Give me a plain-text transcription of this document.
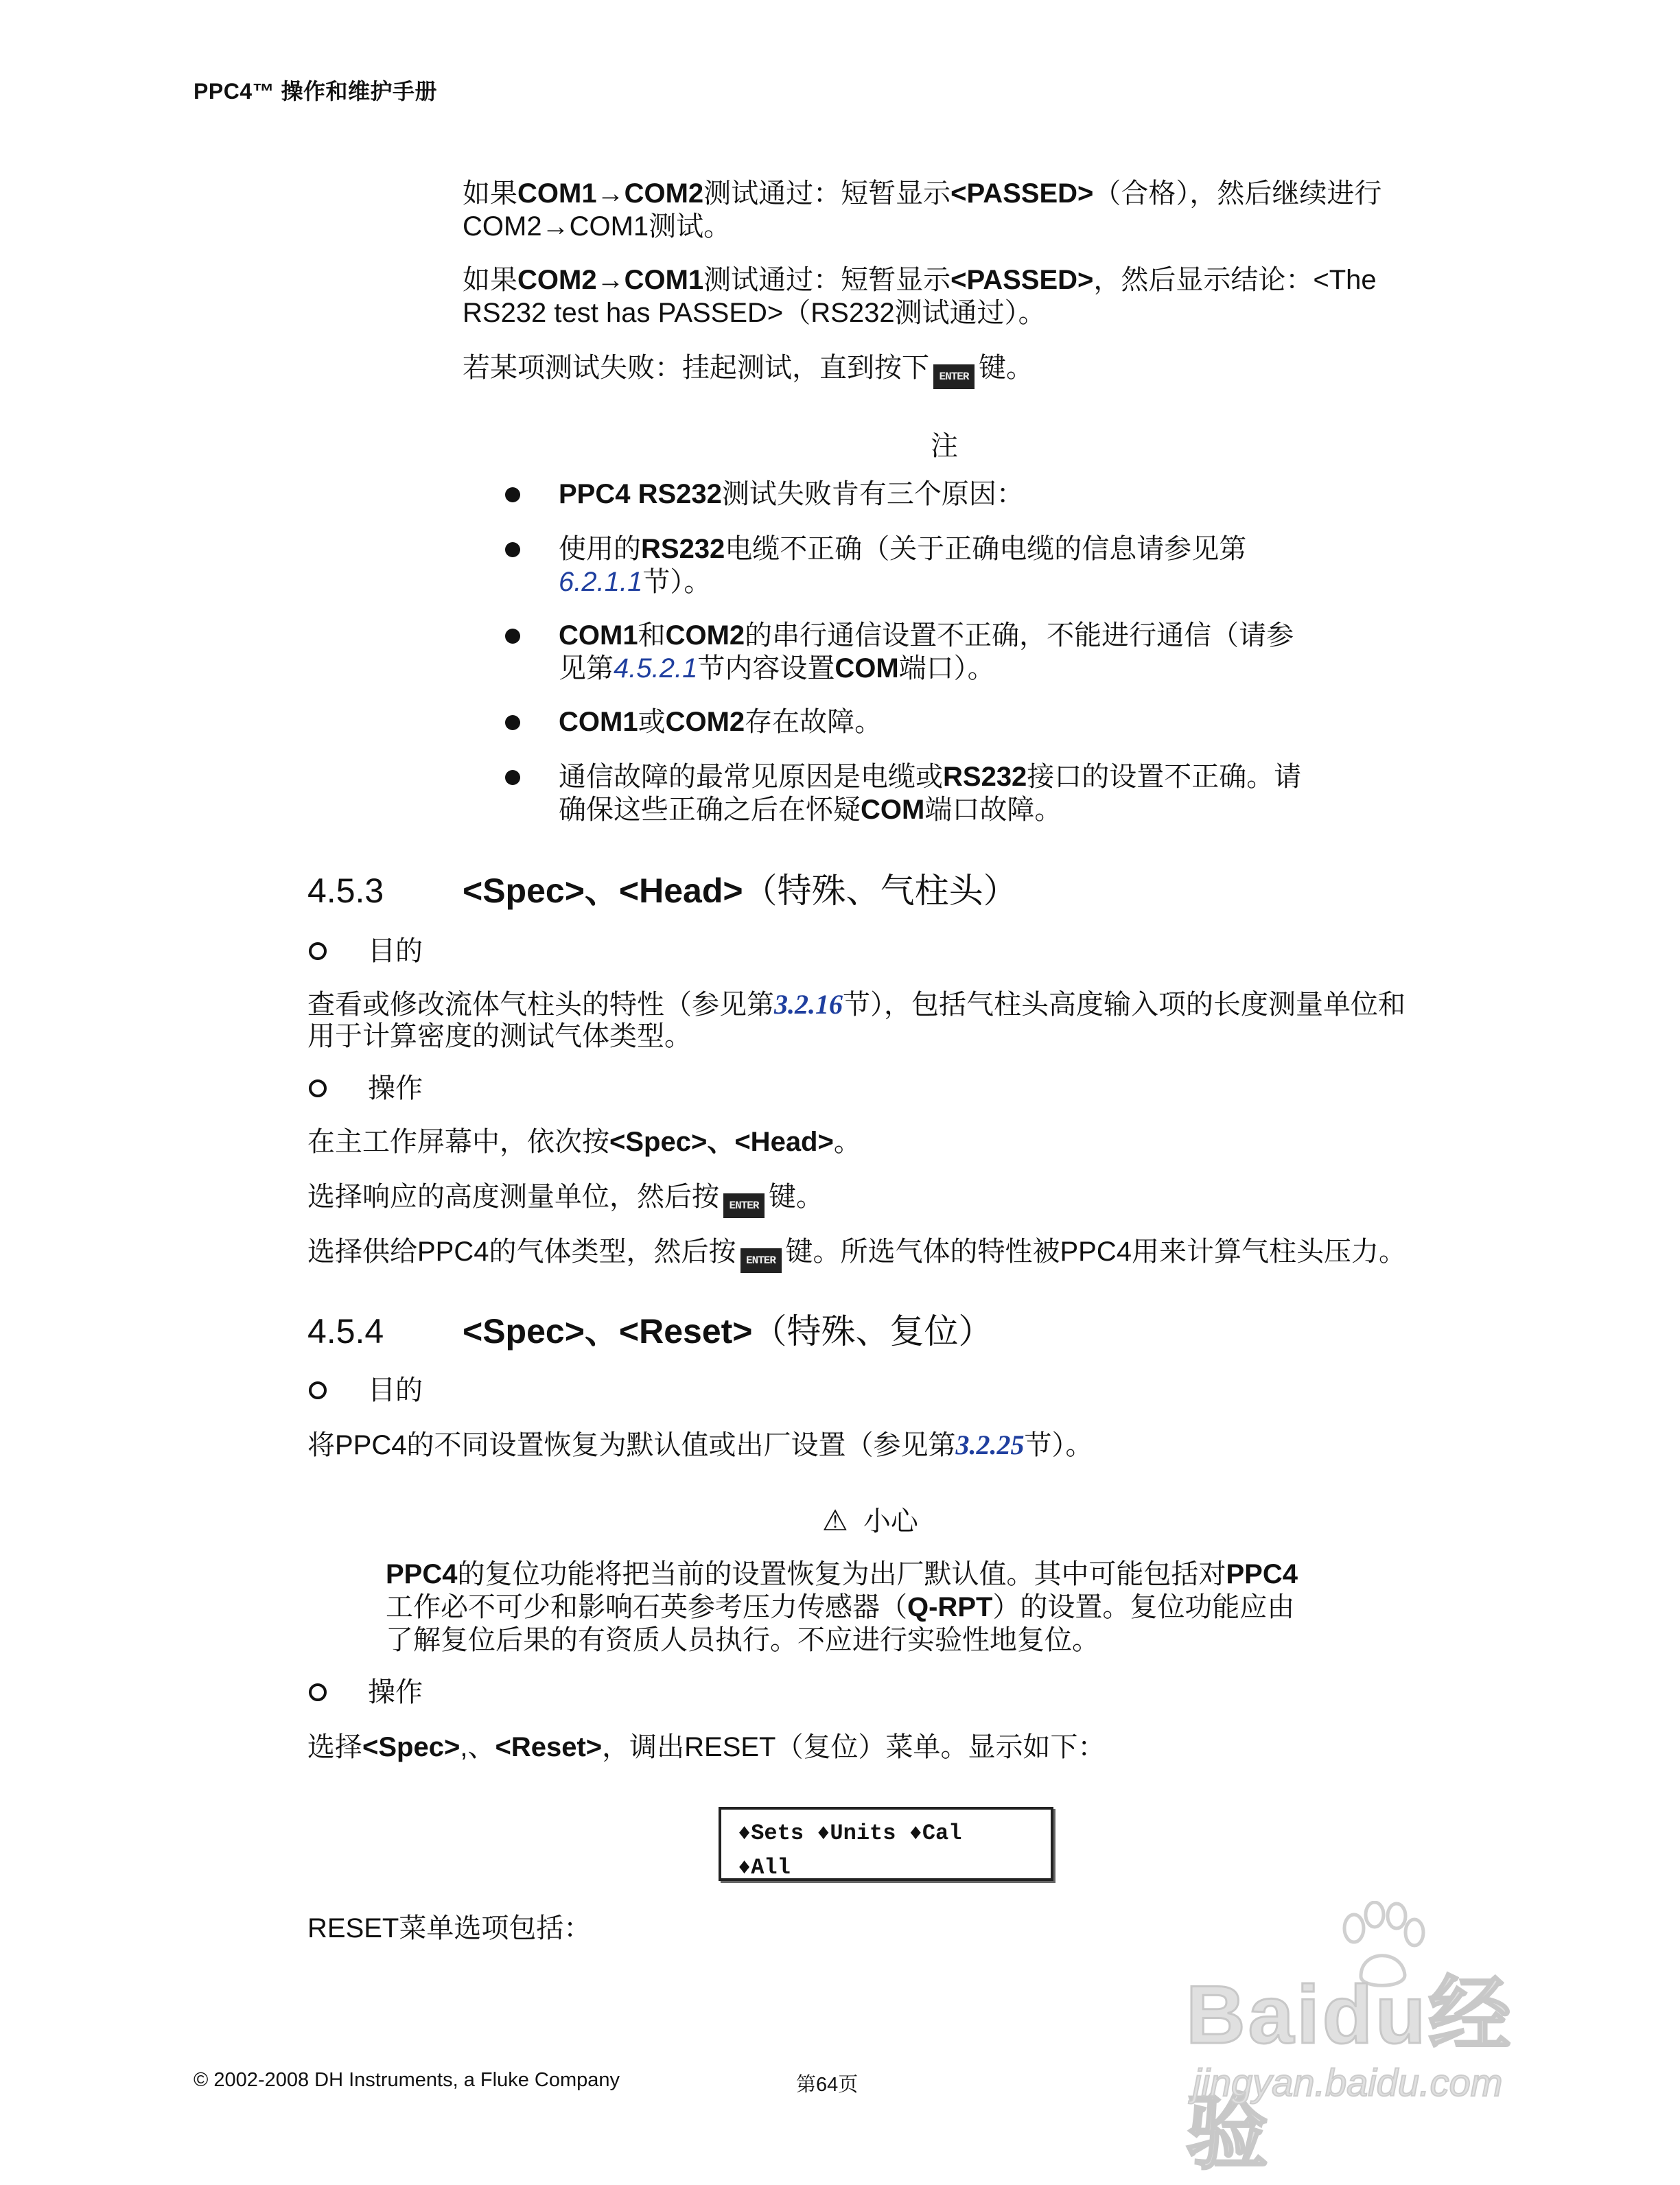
PPC4™ 操作和维护手册
如果COM1→COM2测试通过：短暂显示<PASSED>（合格），然后继续进行
COM2→COM1测试。
如果COM2→COM1测试通过：短暂显示<PASSED>，然后显示结论：<The
RS232 test has PASSED>（RS232测试通过）。
若某项测试失败：挂起测试，直到按下 ENTER 键。
注
PPC4 RS232测试失败肯有三个原因：
使用的RS232电缆不正确（关于正确电缆的信息请参见第
6.2.1.1节）。
COM1和COM2的串行通信设置不正确，不能进行通信（请参
见第4.5.2.1节内容设置COM端口）。
COM1或COM2存在故障。
通信故障的最常见原因是电缆或RS232接口的设置不正确。请
确保这些正确之后在怀疑COM端口故障。
4.5.3 <Spec>、<Head>（特殊、气柱头）
目的
查看或修改流体气柱头的特性（参见第3.2.16节），包括气柱头高度输入项的长度测量单位和
用于计算密度的测试气体类型。
操作
在主工作屏幕中，依次按<Spec>、<Head>。
选择响应的高度测量单位，然后按 ENTER 键。
选择供给PPC4的气体类型，然后按 ENTER 键。所选气体的特性被PPC4用来计算气柱头压力。
4.5.4 <Spec>、<Reset>（特殊、复位）
目的
将PPC4的不同设置恢复为默认值或出厂设置（参见第3.2.25节）。
⚠ 小心
PPC4的复位功能将把当前的设置恢复为出厂默认值。其中可能包括对PPC4
工作必不可少和影响石英参考压力传感器（Q-RPT）的设置。复位功能应由
了解复位后果的有资质人员执行。不应进行实验性地复位。
操作
选择<Spec>,、<Reset>，调出RESET（复位）菜单。显示如下：
♦Sets ♦Units ♦Cal
♦All
RESET菜单选项包括：
Baidu经验
jingyan.baidu.com
© 2002-2008 DH Instruments, a Fluke Company	第64页
